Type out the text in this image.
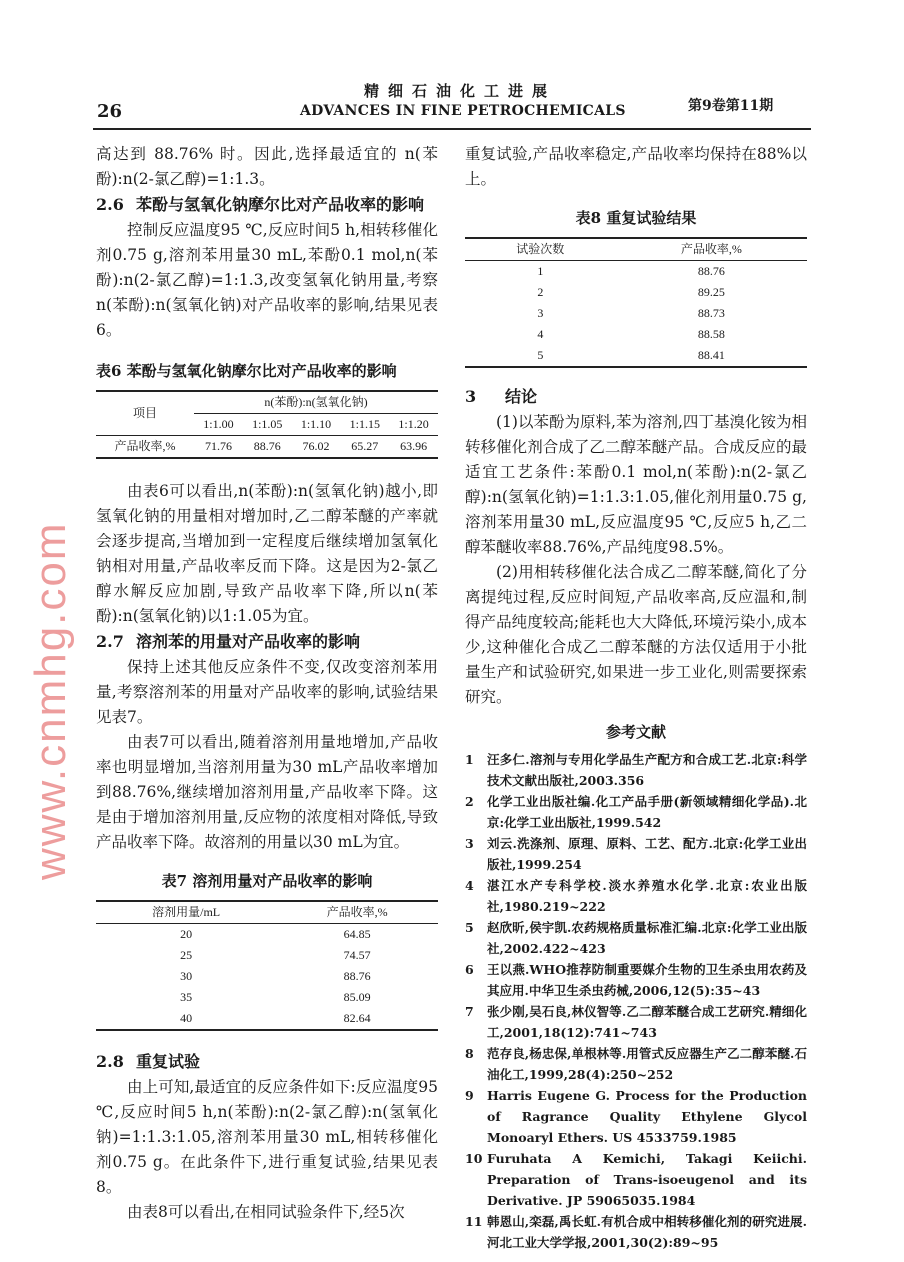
26
精细石油化工进展
ADVANCES IN FINE PETROCHEMICALS	第9卷第11期

高达到 88.76% 时。因此,选择最适宜的 n(苯酚):n(2-氯乙醇)=1:1.3。

2.6 苯酚与氢氧化钠摩尔比对产品收率的影响

控制反应温度95 ℃,反应时间5 h,相转移催化剂0.75 g,溶剂苯用量30 mL,苯酚0.1 mol,n(苯酚):n(2-氯乙醇)=1:1.3,改变氢氧化钠用量,考察n(苯酚):n(氢氧化钠)对产品收率的影响,结果见表6。

表6 苯酚与氢氧化钠摩尔比对产品收率的影响
项目	n(苯酚):n(氢氧化钠)				
	1:1.00	1:1.05	1:1.10	1:1.15	1:1.20
产品收率,%	71.76	88.76	76.02	65.27	63.96

由表6可以看出,n(苯酚):n(氢氧化钠)越小,即氢氧化钠的用量相对增加时,乙二醇苯醚的产率就会逐步提高,当增加到一定程度后继续增加氢氧化钠相对用量,产品收率反而下降。这是因为2-氯乙醇水解反应加剧,导致产品收率下降,所以n(苯酚):n(氢氧化钠)以1:1.05为宜。

2.7 溶剂苯的用量对产品收率的影响

保持上述其他反应条件不变,仅改变溶剂苯用量,考察溶剂苯的用量对产品收率的影响,试验结果见表7。

由表7可以看出,随着溶剂用量地增加,产品收率也明显增加,当溶剂用量为30 mL产品收率增加到88.76%,继续增加溶剂用量,产品收率下降。这是由于增加溶剂用量,反应物的浓度相对降低,导致产品收率下降。故溶剂的用量以30 mL为宜。

表7 溶剂用量对产品收率的影响
溶剂用量/mL	产品收率,%
20	64.85
25	74.57
30	88.76
35	85.09
40	82.64
2.8 重复试验

由上可知,最适宜的反应条件如下:反应温度95 ℃,反应时间5 h,n(苯酚):n(2-氯乙醇):n(氢氧化钠)=1:1.3:1.05,溶剂苯用量30 mL,相转移催化剂0.75 g。在此条件下,进行重复试验,结果见表8。

由表8可以看出,在相同试验条件下,经5次

重复试验,产品收率稳定,产品收率均保持在88%以上。

表8 重复试验结果
试验次数	产品收率,%
1	88.76
2	89.25
3	88.73
4	88.58
5	88.41
3 结论

(1)以苯酚为原料,苯为溶剂,四丁基溴化铵为相转移催化剂合成了乙二醇苯醚产品。合成反应的最适宜工艺条件:苯酚0.1 mol,n(苯酚):n(2-氯乙醇):n(氢氧化钠)=1:1.3:1.05,催化剂用量0.75 g,溶剂苯用量30 mL,反应温度95 ℃,反应5 h,乙二醇苯醚收率88.76%,产品纯度98.5%。

(2)用相转移催化法合成乙二醇苯醚,简化了分离提纯过程,反应时间短,产品收率高,反应温和,制得产品纯度较高;能耗也大大降低,环境污染小,成本少,这种催化合成乙二醇苯醚的方法仅适用于小批量生产和试验研究,如果进一步工业化,则需要探索研究。

参考文献
1 汪多仁.溶剂与专用化学品生产配方和合成工艺.北京:科学技术文献出版社,2003.356
2 化学工业出版社编.化工产品手册(新领域精细化学品).北京:化学工业出版社,1999.542
3 刘云.洗涤剂、原理、原料、工艺、配方.北京:化学工业出版社,1999.254
4 湛江水产专科学校.淡水养殖水化学.北京:农业出版社,1980.219~222
5 赵欣昕,侯宇凯.农药规格质量标准汇编.北京:化学工业出版社,2002.422~423
6 王以燕.WHO推荐防制重要媒介生物的卫生杀虫用农药及其应用.中华卫生杀虫药械,2006,12(5):35~43
7 张少刚,吴石良,林仪智等.乙二醇苯醚合成工艺研究.精细化工,2001,18(12):741~743
8 范存良,杨忠保,单根林等.用管式反应器生产乙二醇苯醚.石油化工,1999,28(4):250~252
9 Harris Eugene G. Process for the Production of Ragrance Quality Ethylene Glycol Monoaryl Ethers. US 4533759.1985
10 Furuhata A Kemichi, Takagi Keiichi. Preparation of Trans-isoeugenol and its Derivative. JP 59065035.1984
11 韩恩山,栾磊,禹长虹.有机合成中相转移催化剂的研究进展.河北工业大学学报,2001,30(2):89~95
www.cnmhg.com
